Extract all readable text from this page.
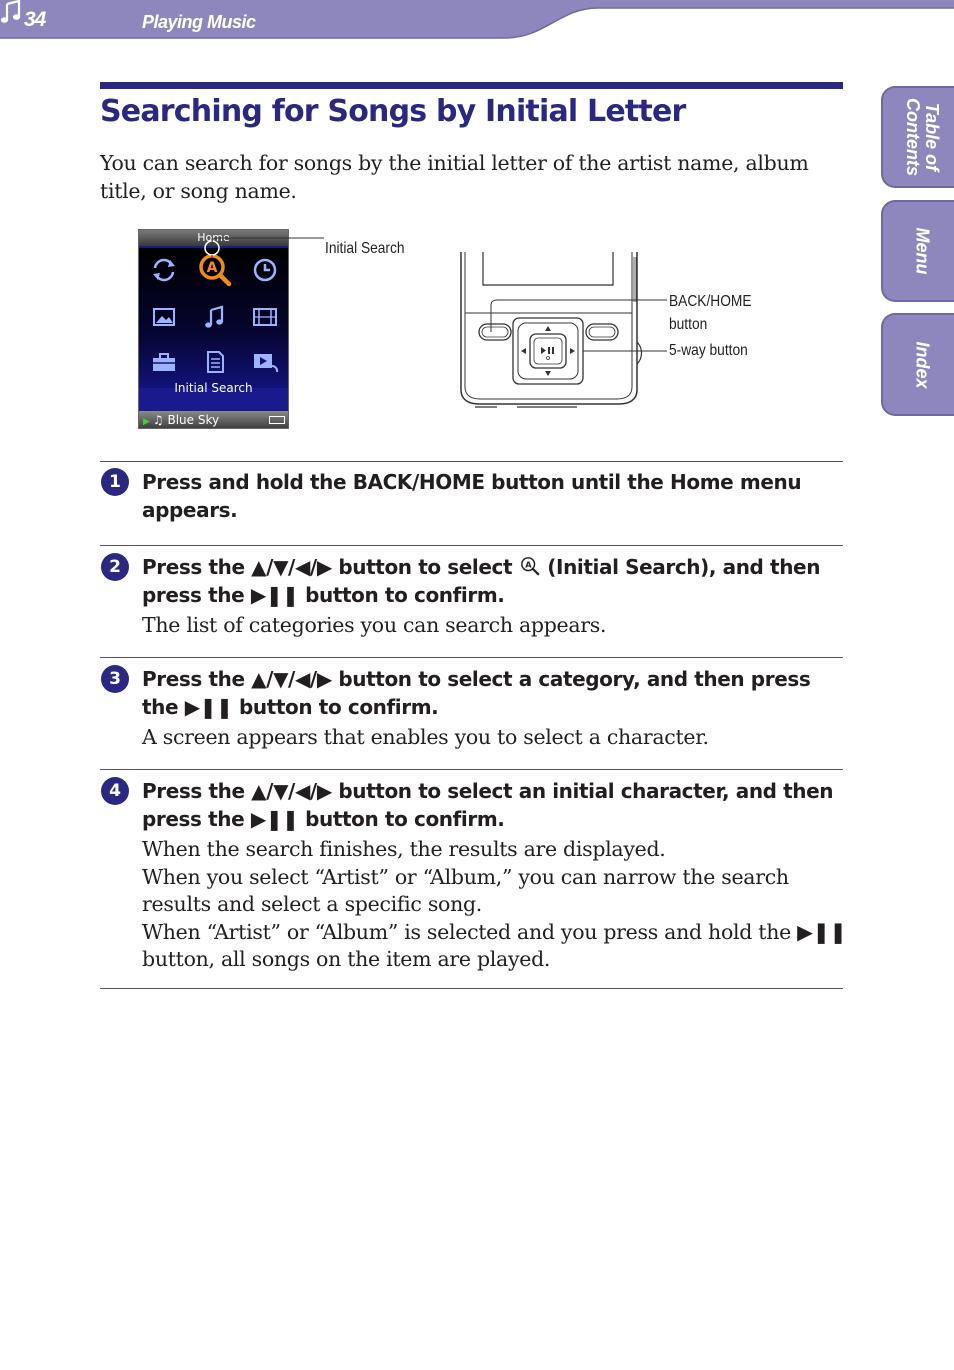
34	Playing Music
Table of Contents
Menu
Index
Searching for Songs by Initial Letter

You can search for songs by the initial letter of the artist name, album title, or song name.

Home
A
Initial Search
▶ ♫ Blue Sky
Initial Search
BACK/HOME
button
5-way button
1	Press and hold the BACK/HOME button until the Home menu appears.
2	Press the ▲/▼/◀/▶ button to select A (Initial Search), and then press the ▶❚❚ button to confirm.
The list of categories you can search appears.
3	Press the ▲/▼/◀/▶ button to select a category, and then press the ▶❚❚ button to confirm.
A screen appears that enables you to select a character.
4	Press the ▲/▼/◀/▶ button to select an initial character, and then press the ▶❚❚ button to confirm.
When the search finishes, the results are displayed.
When you select “Artist” or “Album,” you can narrow the search results and select a specific song.
When “Artist” or “Album” is selected and you press and hold the ▶❚❚ button, all songs on the item are played.
